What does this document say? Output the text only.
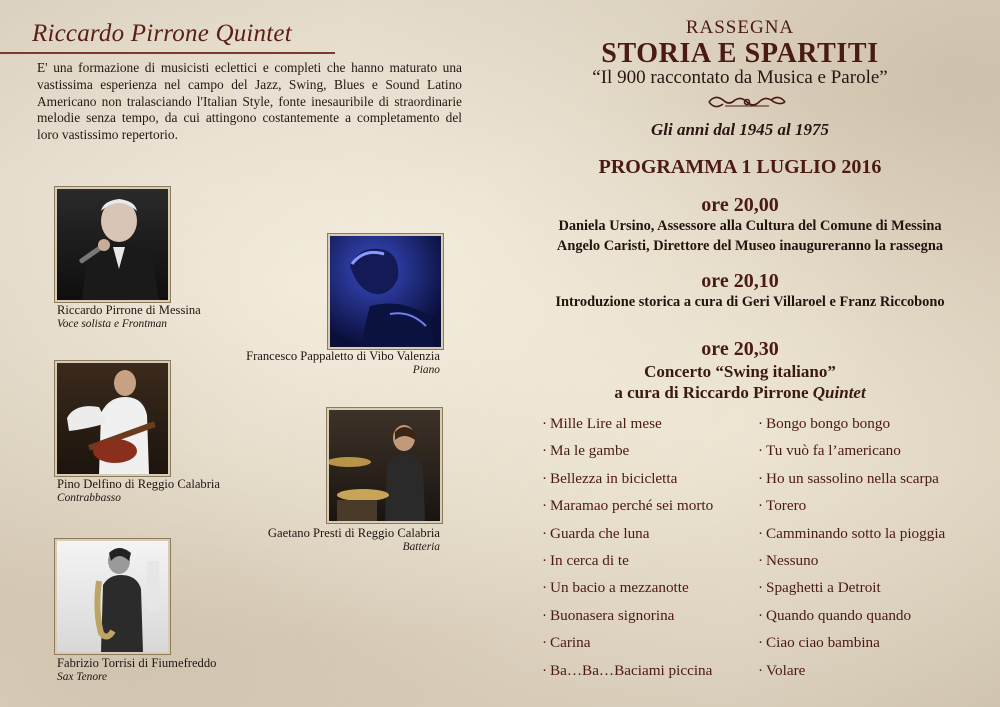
Riccardo Pirrone Quintet
E' una formazione di musicisti eclettici e completi che hanno maturato una vastissima esperienza nel campo del Jazz, Swing, Blues e Sound Latino Americano non tralasciando l'Italian Style, fonte inesauribile di straordinarie melodie senza tempo, da cui attingono costantemente a completamento del loro vastissimo repertorio.
Riccardo Pirrone di Messina
Voce solista e Frontman
Francesco Pappaletto di Vibo Valenzia
Piano
Pino Delfino di Reggio Calabria
Contrabbasso
Gaetano Presti di Reggio Calabria
Batteria
Fabrizio Torrisi di Fiumefreddo
Sax Tenore
RASSEGNA
STORIA E SPARTITI
“Il 900 raccontato da Musica e Parole”
Gli anni dal 1945 al 1975
PROGRAMMA 1 LUGLIO 2016
ore 20,00
Daniela Ursino, Assessore alla Cultura del Comune di Messina
Angelo Caristi, Direttore del Museo inaugureranno la rassegna
ore 20,10
Introduzione storica a cura di Geri Villaroel e Franz Riccobono
ore 20,30
Concerto “Swing italiano”
a cura di Riccardo Pirrone Quintet
· Mille Lire al mese
· Ma le gambe
· Bellezza in bicicletta
· Maramao perché sei morto
· Guarda che luna
· In cerca di te
· Un bacio a mezzanotte
· Buonasera signorina
· Carina
· Ba…Ba…Baciami piccina
· Bongo bongo bongo
· Tu vuò fa l’americano
· Ho un sassolino nella scarpa
· Torero
· Camminando sotto la pioggia
· Nessuno
· Spaghetti a Detroit
· Quando quando quando
· Ciao ciao bambina
· Volare
